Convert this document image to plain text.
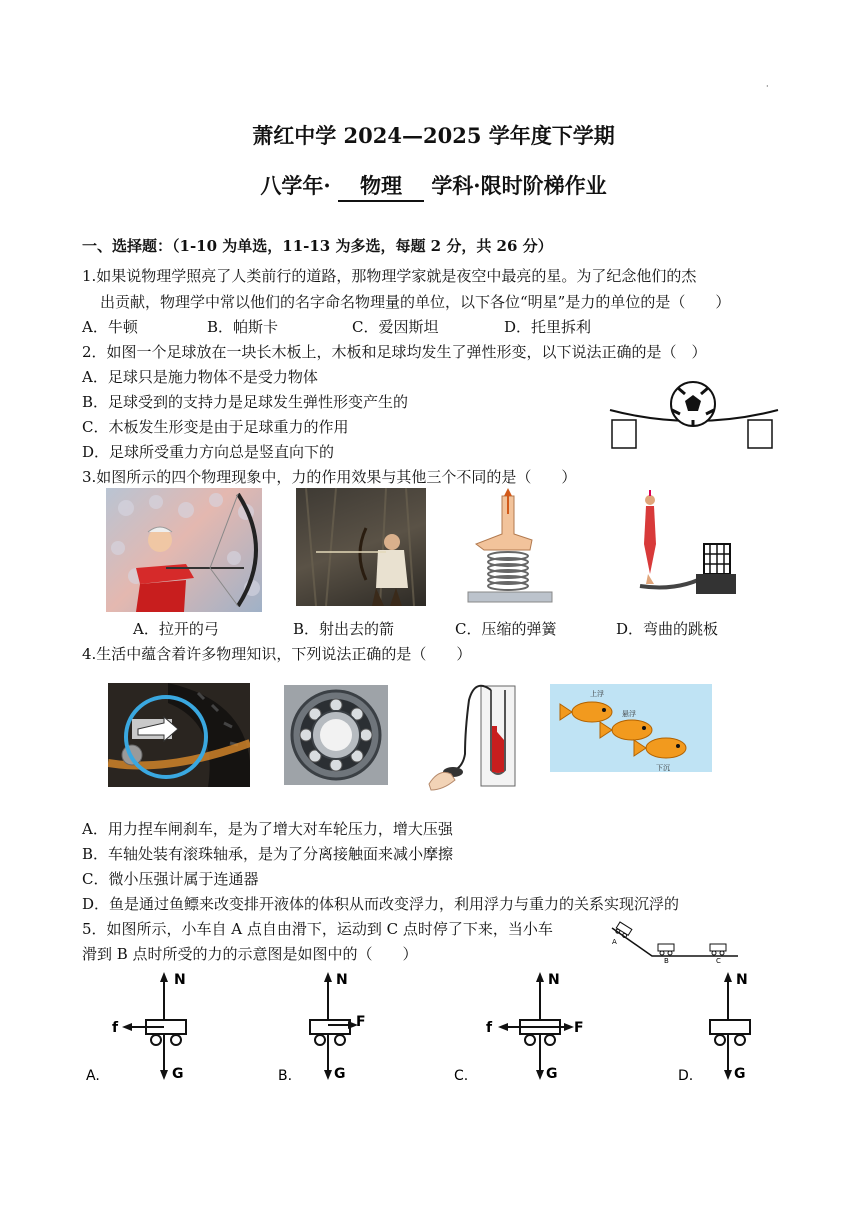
·
萧红中学 2024—2025 学年度下学期
八学年· 物理 学科·限时阶梯作业
一、选择题：（1-10 为单选，11-13 为多选，每题 2 分，共 26 分）
1.如果说物理学照亮了人类前行的道路，那物理学家就是夜空中最亮的星。为了纪念他们的杰
出贡献，物理学中常以他们的名字命名物理量的单位，以下各位“明星”是力的单位的是（　　）
A．牛顿	B．帕斯卡	C．爱因斯坦	D．托里拆利
2．如图一个足球放在一块长木板上，木板和足球均发生了弹性形变，以下说法正确的是（　）
A．足球只是施力物体不是受力物体
B．足球受到的支持力是足球发生弹性形变产生的
C．木板发生形变是由于足球重力的作用
D．足球所受重力方向总是竖直向下的
3.如图所示的四个物理现象中，力的作用效果与其他三个不同的是（　　）
A．拉开的弓	B．射出去的箭	C．压缩的弹簧	D．弯曲的跳板
4.生活中蕴含着许多物理知识，下列说法正确的是（　　）
上浮
悬浮
下沉
A．用力捏车闸刹车，是为了增大对车轮压力，增大压强
B．车轴处装有滚珠轴承，是为了分离接触面来减小摩擦
C．微小压强计属于连通器
D．鱼是通过鱼鳔来改变排开液体的体积从而改变浮力，利用浮力与重力的关系实现沉浮的
5．如图所示，小车自 A 点自由滑下，运动到 C 点时停了下来，当小车
滑到 B 点时所受的力的示意图是如图中的（　　）
A
B	C
N
G
f
A.
N
G
F
B.
N
G
f	F
C.
N
G
D.
